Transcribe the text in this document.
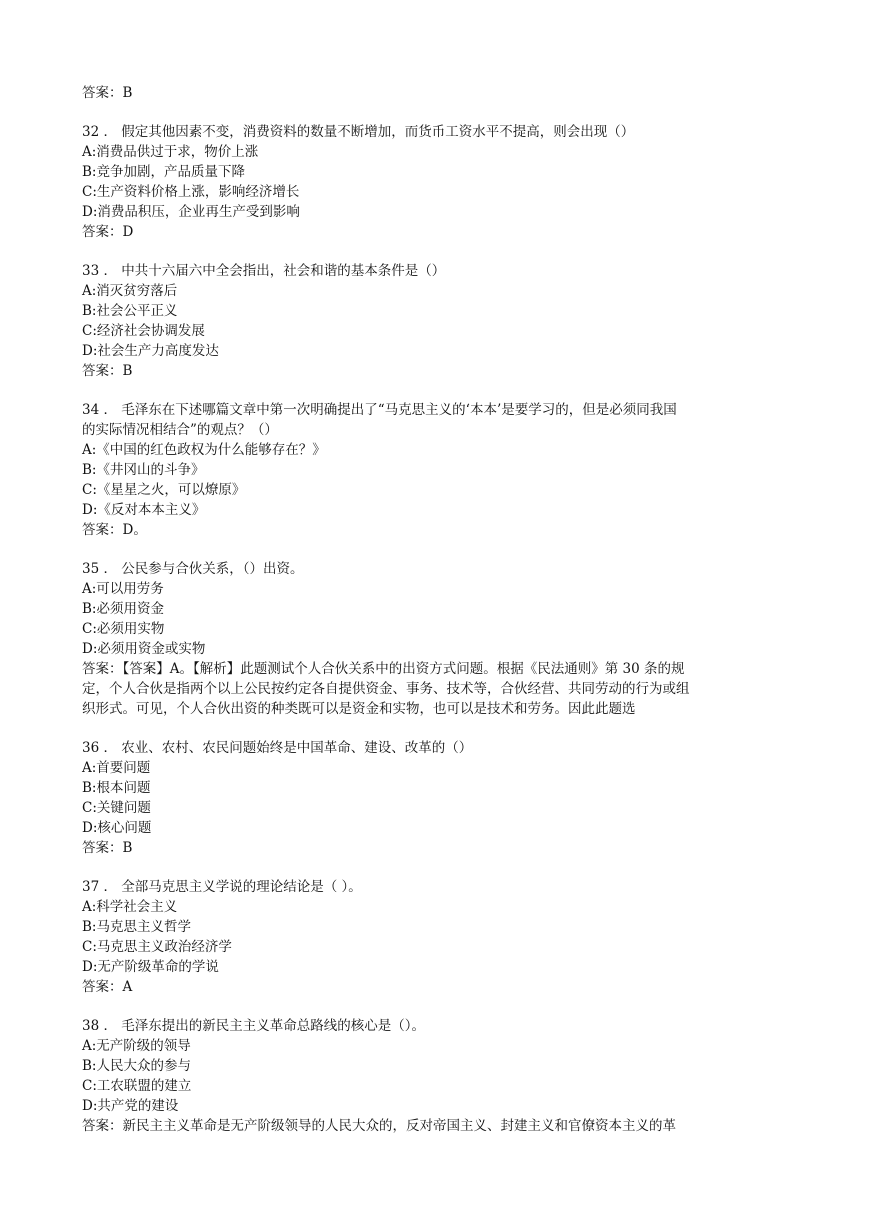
答案：B
32 ． 假定其他因素不变，消费资料的数量不断增加，而货币工资水平不提高，则会出现（）
A:消费品供过于求，物价上涨
B:竞争加剧，产品质量下降
C:生产资料价格上涨，影响经济增长
D:消费品积压，企业再生产受到影响
答案：D
33 ． 中共十六届六中全会指出，社会和谐的基本条件是（）
A:消灭贫穷落后
B:社会公平正义
C:经济社会协调发展
D:社会生产力高度发达
答案：B
34 ． 毛泽东在下述哪篇文章中第一次明确提出了“马克思主义的‘本本’是要学习的，但是必须同我国
的实际情况相结合”的观点？（）
A:《中国的红色政权为什么能够存在？》
B:《井冈山的斗争》
C:《星星之火，可以燎原》
D:《反对本本主义》
答案：D。
35 ． 公民参与合伙关系，（）出资。
A:可以用劳务
B:必须用资金
C:必须用实物
D:必须用资金或实物
答案：【答案】A。【解析】此题测试个人合伙关系中的出资方式问题。根据《民法通则》第 30 条的规
定，个人合伙是指两个以上公民按约定各自提供资金、事务、技术等，合伙经营、共同劳动的行为或组
织形式。可见，个人合伙出资的种类既可以是资金和实物，也可以是技术和劳务。因此此题选
36 ． 农业、农村、农民问题始终是中国革命、建设、改革的（）
A:首要问题
B:根本问题
C:关键问题
D:核心问题
答案：B
37 ． 全部马克思主义学说的理论结论是（ ）。
A:科学社会主义
B:马克思主义哲学
C:马克思主义政治经济学
D:无产阶级革命的学说
答案：A
38 ． 毛泽东提出的新民主主义革命总路线的核心是（）。
A:无产阶级的领导
B:人民大众的参与
C:工农联盟的建立
D:共产党的建设
答案：新民主主义革命是无产阶级领导的人民大众的，反对帝国主义、封建主义和官僚资本主义的革
